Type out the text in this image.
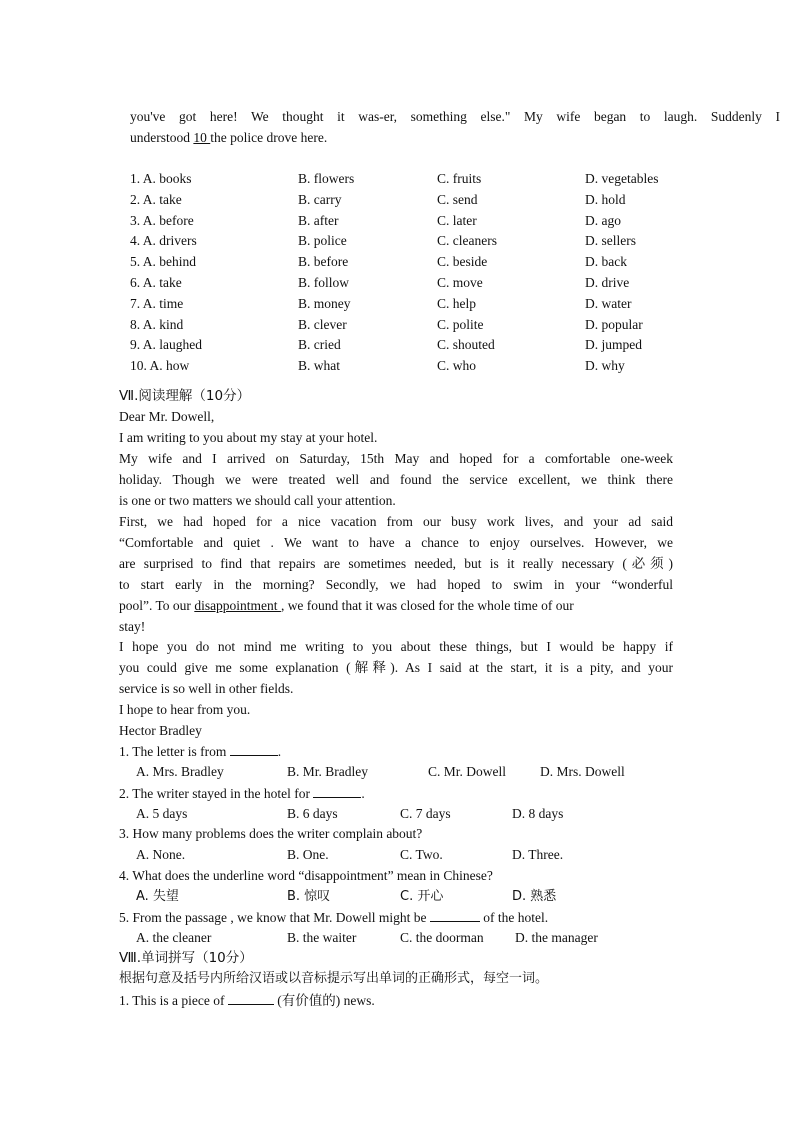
you've got here! We thought it was-er, something else." My wife began to laugh. Suddenly I
understood 10 the police drove here.
1. A. books	B. flowers	C. fruits	D. vegetables
2. A. take	B. carry	C. send	D. hold
3. A. before	B. after	C. later	D. ago
4. A. drivers	B. police	C. cleaners	D. sellers
5. A. behind	B. before	C. beside	D. back
6. A. take	B. follow	C. move	D. drive
7. A. time	B. money	C. help	D. water
8. A. kind	B. clever	C. polite	D. popular
9. A. laughed	B. cried	C. shouted	D. jumped
10. A. how	B. what	C. who	D. why
Ⅶ.阅读理解（10分）
Dear Mr. Dowell,
I am writing to you about my stay at your hotel.
My wife and I arrived on Saturday, 15th May and hoped for a comfortable one-week
holiday. Though we were treated well and found the service excellent, we think there
is one or two matters we should call your attention.
First, we had hoped for a nice vacation from our busy work lives, and your ad said
“Comfortable and quiet . We want to have a chance to enjoy ourselves. However, we
are surprised to find that repairs are sometimes needed, but is it really necessary (必须)
to start early in the morning? Secondly, we had hoped to swim in your “wonderful
pool”. To our disappointment , we found that it was closed for the whole time of our
stay!
I hope you do not mind me writing to you about these things, but I would be happy if
you could give me some explanation (解释). As I said at the start, it is a pity, and your
service is so well in other fields.
I hope to hear from you.
Hector Bradley
1. The letter is from	.
A. Mrs. Bradley	B. Mr. Bradley	C. Mr. Dowell	D. Mrs. Dowell
2. The writer stayed in the hotel for	.
A. 5 days	B. 6 days	C. 7 days	D. 8 days
3. How many problems does the writer complain about?
A. None.	B. One.	C. Two.	D. Three.
4. What does the underline word “disappointment” mean in Chinese?
A. 失望	B. 惊叹	C. 开心	D. 熟悉
5. From the passage , we know that Mr. Dowell might be	of the hotel.
A. the cleaner	B. the waiter	C. the doorman D. the manager
Ⅷ.单词拼写（10分）
根据句意及括号内所给汉语或以音标提示写出单词的正确形式，每空一词。
1. This is a piece of	(有价值的) news.
